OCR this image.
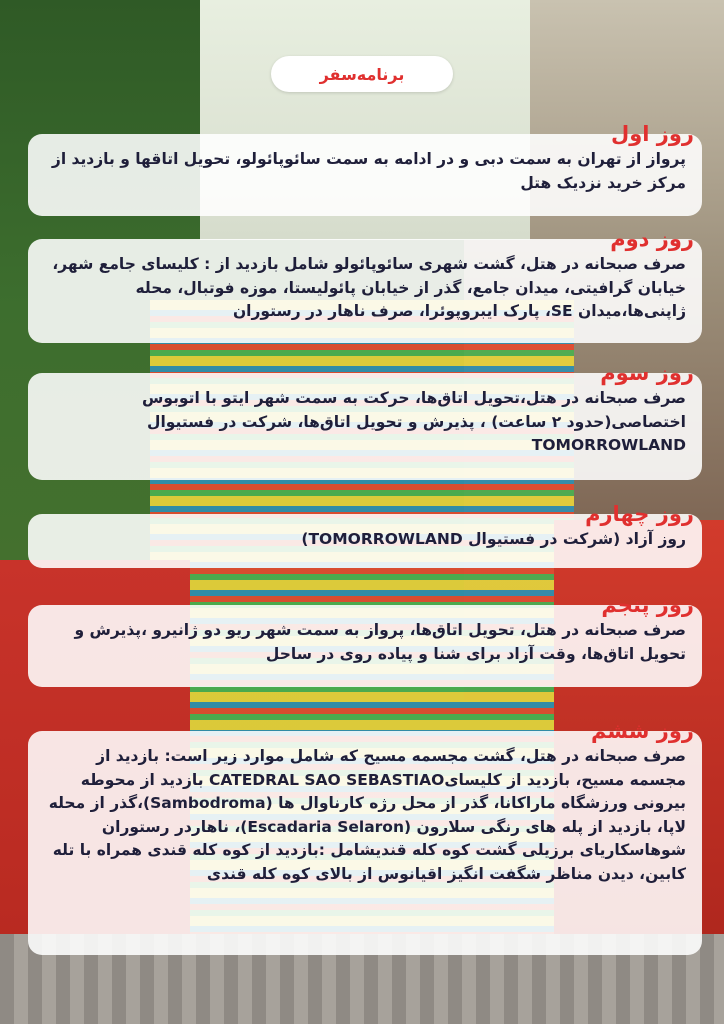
برنامه‌سفر
روز اول

پرواز از تهران به سمت دبی و در ادامه به سمت سائوپائولو، تحویل اتاقها و بازدید از مرکز خرید نزدیک هتل

روز دوم

صرف صبحانه در هتل، گشت شهری سائوپائولو شامل بازدید از : کلیسای جامع شهر، خیابان گرافیتی، میدان جامع، گذر از خیابان پائولیستا، موزه فوتبال، محله ژاپنی‌ها،میدان SE، پارک ایبروپوئرا، صرف ناهار در رستوران

روز سوم

صرف صبحانه در هتل،تحویل اتاق‌ها، حرکت به سمت شهر ایتو با اتوبوس اختصاصی(حدود ۲ ساعت) ، پذیرش و تحویل اتاق‌ها، شرکت در فستیوال TOMORROWLAND

روز چهارم

روز آزاد (شرکت در فستیوال TOMORROWLAND)

روز پنجم

صرف صبحانه در هتل، تحویل اتاق‌ها، پرواز به سمت شهر ریو دو ژانیرو ،پذیرش و تحویل اتاق‌ها، وقت آزاد برای شنا و پیاده روی در ساحل

روز ششم

صرف صبحانه در هتل، گشت مجسمه مسیح که شامل موارد زیر است: بازدید از مجسمه مسیح، بازدید از کلیسایCATEDRAL SAO SEBASTIAO بازدید از محوطه بیرونی ورزشگاه ماراکانا، گذر از محل رژه کارناوال ها (Sambodroma)،گذر از محله لاپا، بازدید از پله های رنگی سلارون (Escadaria Selaron)، ناهاردر رستوران شوهاسکاریای برزیلی گشت کوه کله قندیشامل :بازدید از کوه کله قندی همراه با تله کابین، دیدن مناظر شگفت انگیز اقیانوس از بالای کوه کله قندی
